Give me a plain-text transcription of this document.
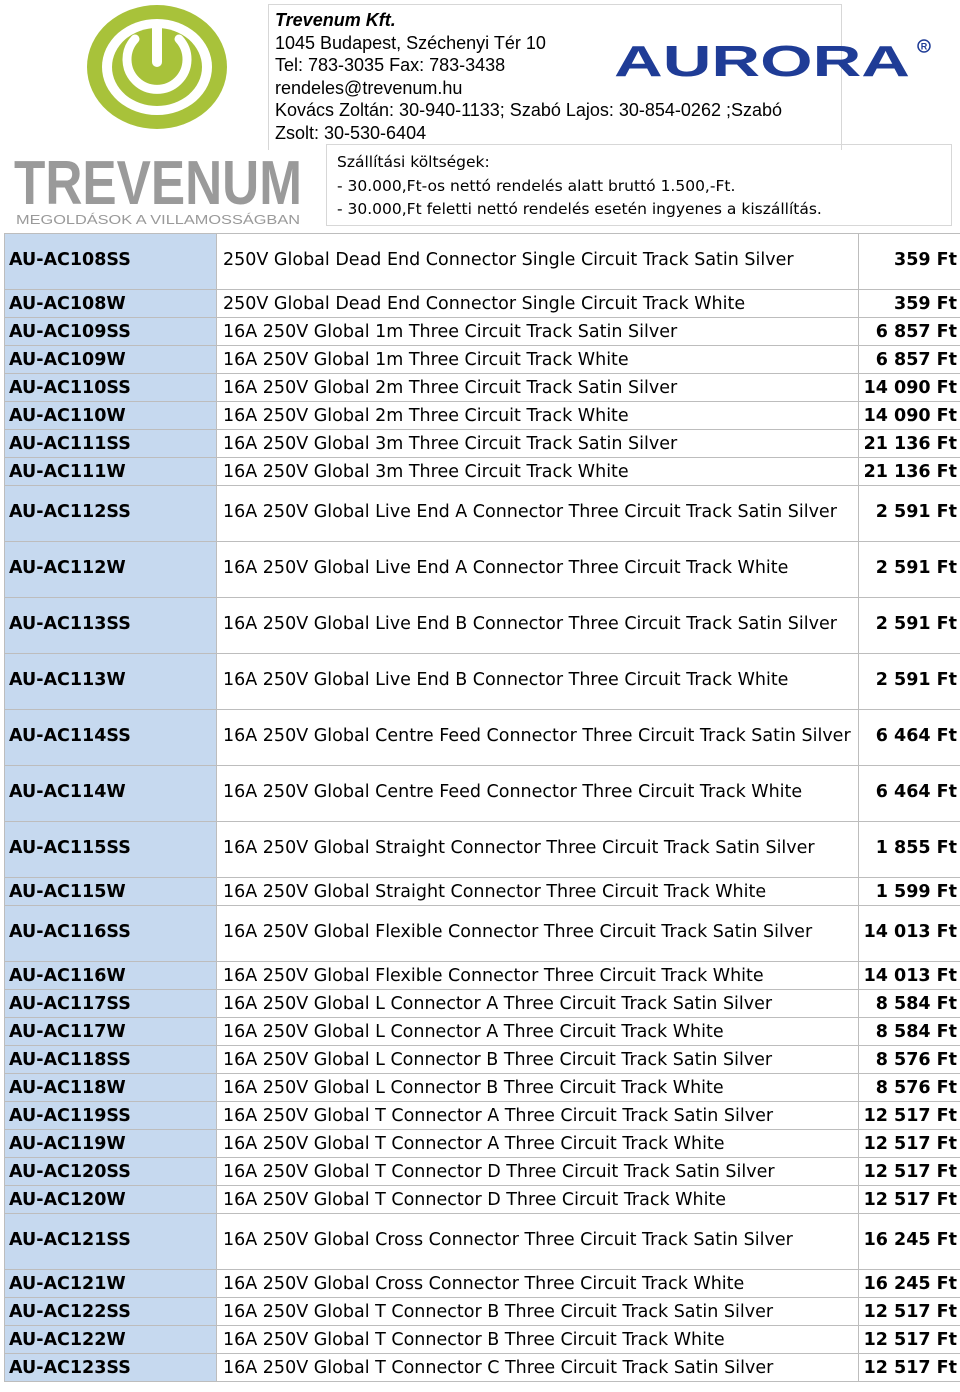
TREVENUM
MEGOLDÁSOK A VILLAMOSSÁGBAN
Trevenum Kft.
1045 Budapest, Széchenyi Tér 10
Tel: 783-3035 Fax: 783-3438
rendeles@trevenum.hu
Kovács Zoltán: 30-940-1133; Szabó Lajos: 30-854-0262 ;Szabó
Zsolt: 30-530-6404
AURORA R
Szállítási költségek:
- 30.000,Ft-os nettó rendelés alatt bruttó 1.500,-Ft.
- 30.000,Ft feletti nettó rendelés esetén ingyenes a kiszállítás.
AU-AC108SS	250V Global Dead End Connector Single Circuit Track Satin Silver	359 Ft
AU-AC108W	250V Global Dead End Connector Single Circuit Track White	359 Ft
AU-AC109SS	16A 250V Global 1m Three Circuit Track Satin Silver	6 857 Ft
AU-AC109W	16A 250V Global 1m Three Circuit Track White	6 857 Ft
AU-AC110SS	16A 250V Global 2m Three Circuit Track Satin Silver	14 090 Ft
AU-AC110W	16A 250V Global 2m Three Circuit Track White	14 090 Ft
AU-AC111SS	16A 250V Global 3m Three Circuit Track Satin Silver	21 136 Ft
AU-AC111W	16A 250V Global 3m Three Circuit Track White	21 136 Ft
AU-AC112SS	16A 250V Global Live End A Connector Three Circuit Track Satin Silver	2 591 Ft
AU-AC112W	16A 250V Global Live End A Connector Three Circuit Track White	2 591 Ft
AU-AC113SS	16A 250V Global Live End B Connector Three Circuit Track Satin Silver	2 591 Ft
AU-AC113W	16A 250V Global Live End B Connector Three Circuit Track White	2 591 Ft
AU-AC114SS	16A 250V Global Centre Feed Connector Three Circuit Track Satin Silver	6 464 Ft
AU-AC114W	16A 250V Global Centre Feed Connector Three Circuit Track White	6 464 Ft
AU-AC115SS	16A 250V Global Straight Connector Three Circuit Track Satin Silver	1 855 Ft
AU-AC115W	16A 250V Global Straight Connector Three Circuit Track White	1 599 Ft
AU-AC116SS	16A 250V Global Flexible Connector Three Circuit Track Satin Silver	14 013 Ft
AU-AC116W	16A 250V Global Flexible Connector Three Circuit Track White	14 013 Ft
AU-AC117SS	16A 250V Global L Connector A Three Circuit Track Satin Silver	8 584 Ft
AU-AC117W	16A 250V Global L Connector A Three Circuit Track White	8 584 Ft
AU-AC118SS	16A 250V Global L Connector B Three Circuit Track Satin Silver	8 576 Ft
AU-AC118W	16A 250V Global L Connector B Three Circuit Track White	8 576 Ft
AU-AC119SS	16A 250V Global T Connector A Three Circuit Track Satin Silver	12 517 Ft
AU-AC119W	16A 250V Global T Connector A Three Circuit Track White	12 517 Ft
AU-AC120SS	16A 250V Global T Connector D Three Circuit Track Satin Silver	12 517 Ft
AU-AC120W	16A 250V Global T Connector D Three Circuit Track White	12 517 Ft
AU-AC121SS	16A 250V Global Cross Connector Three Circuit Track Satin Silver	16 245 Ft
AU-AC121W	16A 250V Global Cross Connector Three Circuit Track White	16 245 Ft
AU-AC122SS	16A 250V Global T Connector B Three Circuit Track Satin Silver	12 517 Ft
AU-AC122W	16A 250V Global T Connector B Three Circuit Track White	12 517 Ft
AU-AC123SS	16A 250V Global T Connector C Three Circuit Track Satin Silver	12 517 Ft
